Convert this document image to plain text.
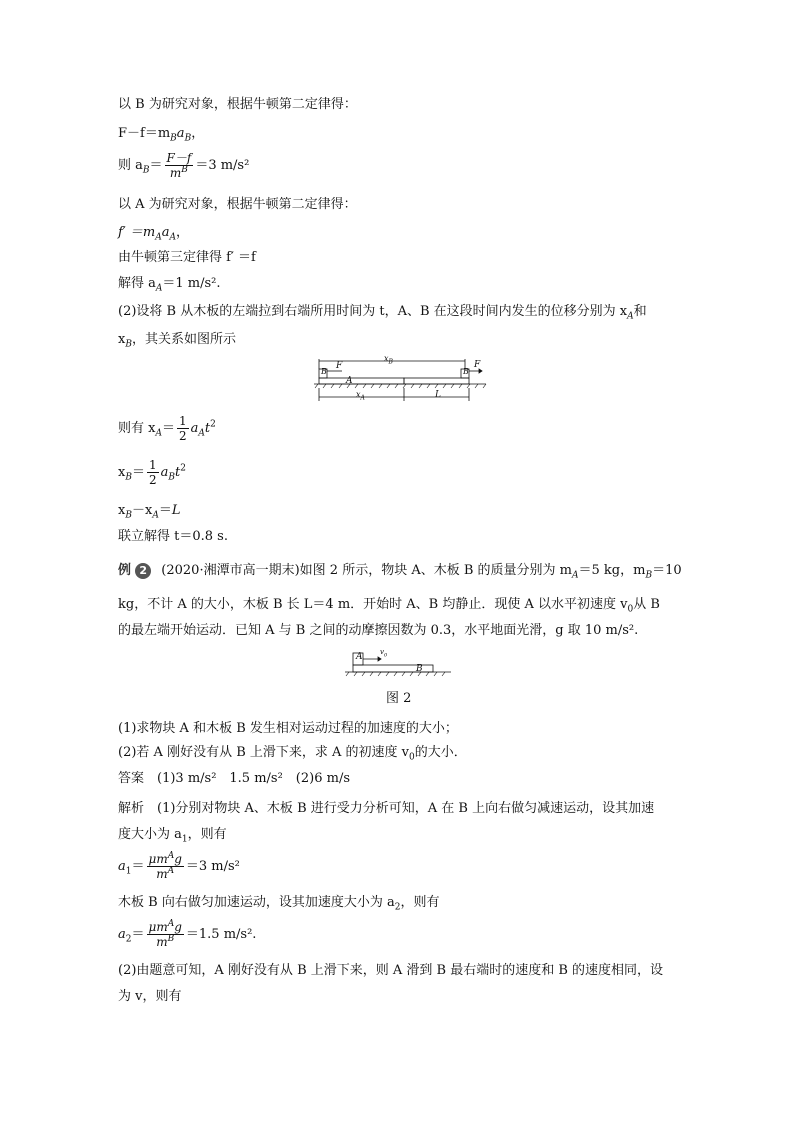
以 B 为研究对象，根据牛顿第二定律得：
$F-f=m_Ba_B$，
则 $a_B= \frac{F-f}{m^B} =3$ m/s²
以 A 为研究对象，根据牛顿第二定律得：
$f' =m_Aa_A$，
由牛顿第三定律得 f′ ＝f
解得 $a_A=1$ m/s².
(2)设将 B 从木板的左端拉到右端所用时间为 t，A、B 在这段时间内发生的位移分别为 $x_A$和
$x_B$，其关系如图所示
F
$x_B$
B
A
B
F
$x_A$	L
则有 $x_A= \frac{1}{2} a_At^2$
$x_B= \frac{1}{2} a_Bt^2$
$x_B-x_A=L$
联立解得 t＝0.8 s.
例 2 (2020·湘潭市高一期末)如图 2 所示，物块 A、木板 B 的质量分别为 $m_A=5$ kg，$m_B=10$
kg，不计 A 的大小，木板 B 长 L＝4 m．开始时 A、B 均静止．现使 A 以水平初速度 $v_0$从 B
的最左端开始运动．已知 A 与 B 之间的动摩擦因数为 0.3，水平地面光滑，g 取 10 m/s².
A	$v_0$
B
图 2
(1)求物块 A 和木板 B 发生相对运动过程的加速度的大小；
(2)若 A 刚好没有从 B 上滑下来，求 A 的初速度 $v_0$的大小．
答案　(1)3 m/s²　1.5 m/s²　(2)6 m/s
解析　(1)分别对物块 A、木板 B 进行受力分析可知，A 在 B 上向右做匀减速运动，设其加速
度大小为 $a_1$，则有
$a_1= \frac{\mu m^Ag}{m^A} =3$ m/s²
木板 B 向右做匀加速运动，设其加速度大小为 $a_2$，则有
$a_2= \frac{\mu m^Ag}{m^B} =1.5$ m/s².
(2)由题意可知，A 刚好没有从 B 上滑下来，则 A 滑到 B 最右端时的速度和 B 的速度相同，设
为 v，则有
